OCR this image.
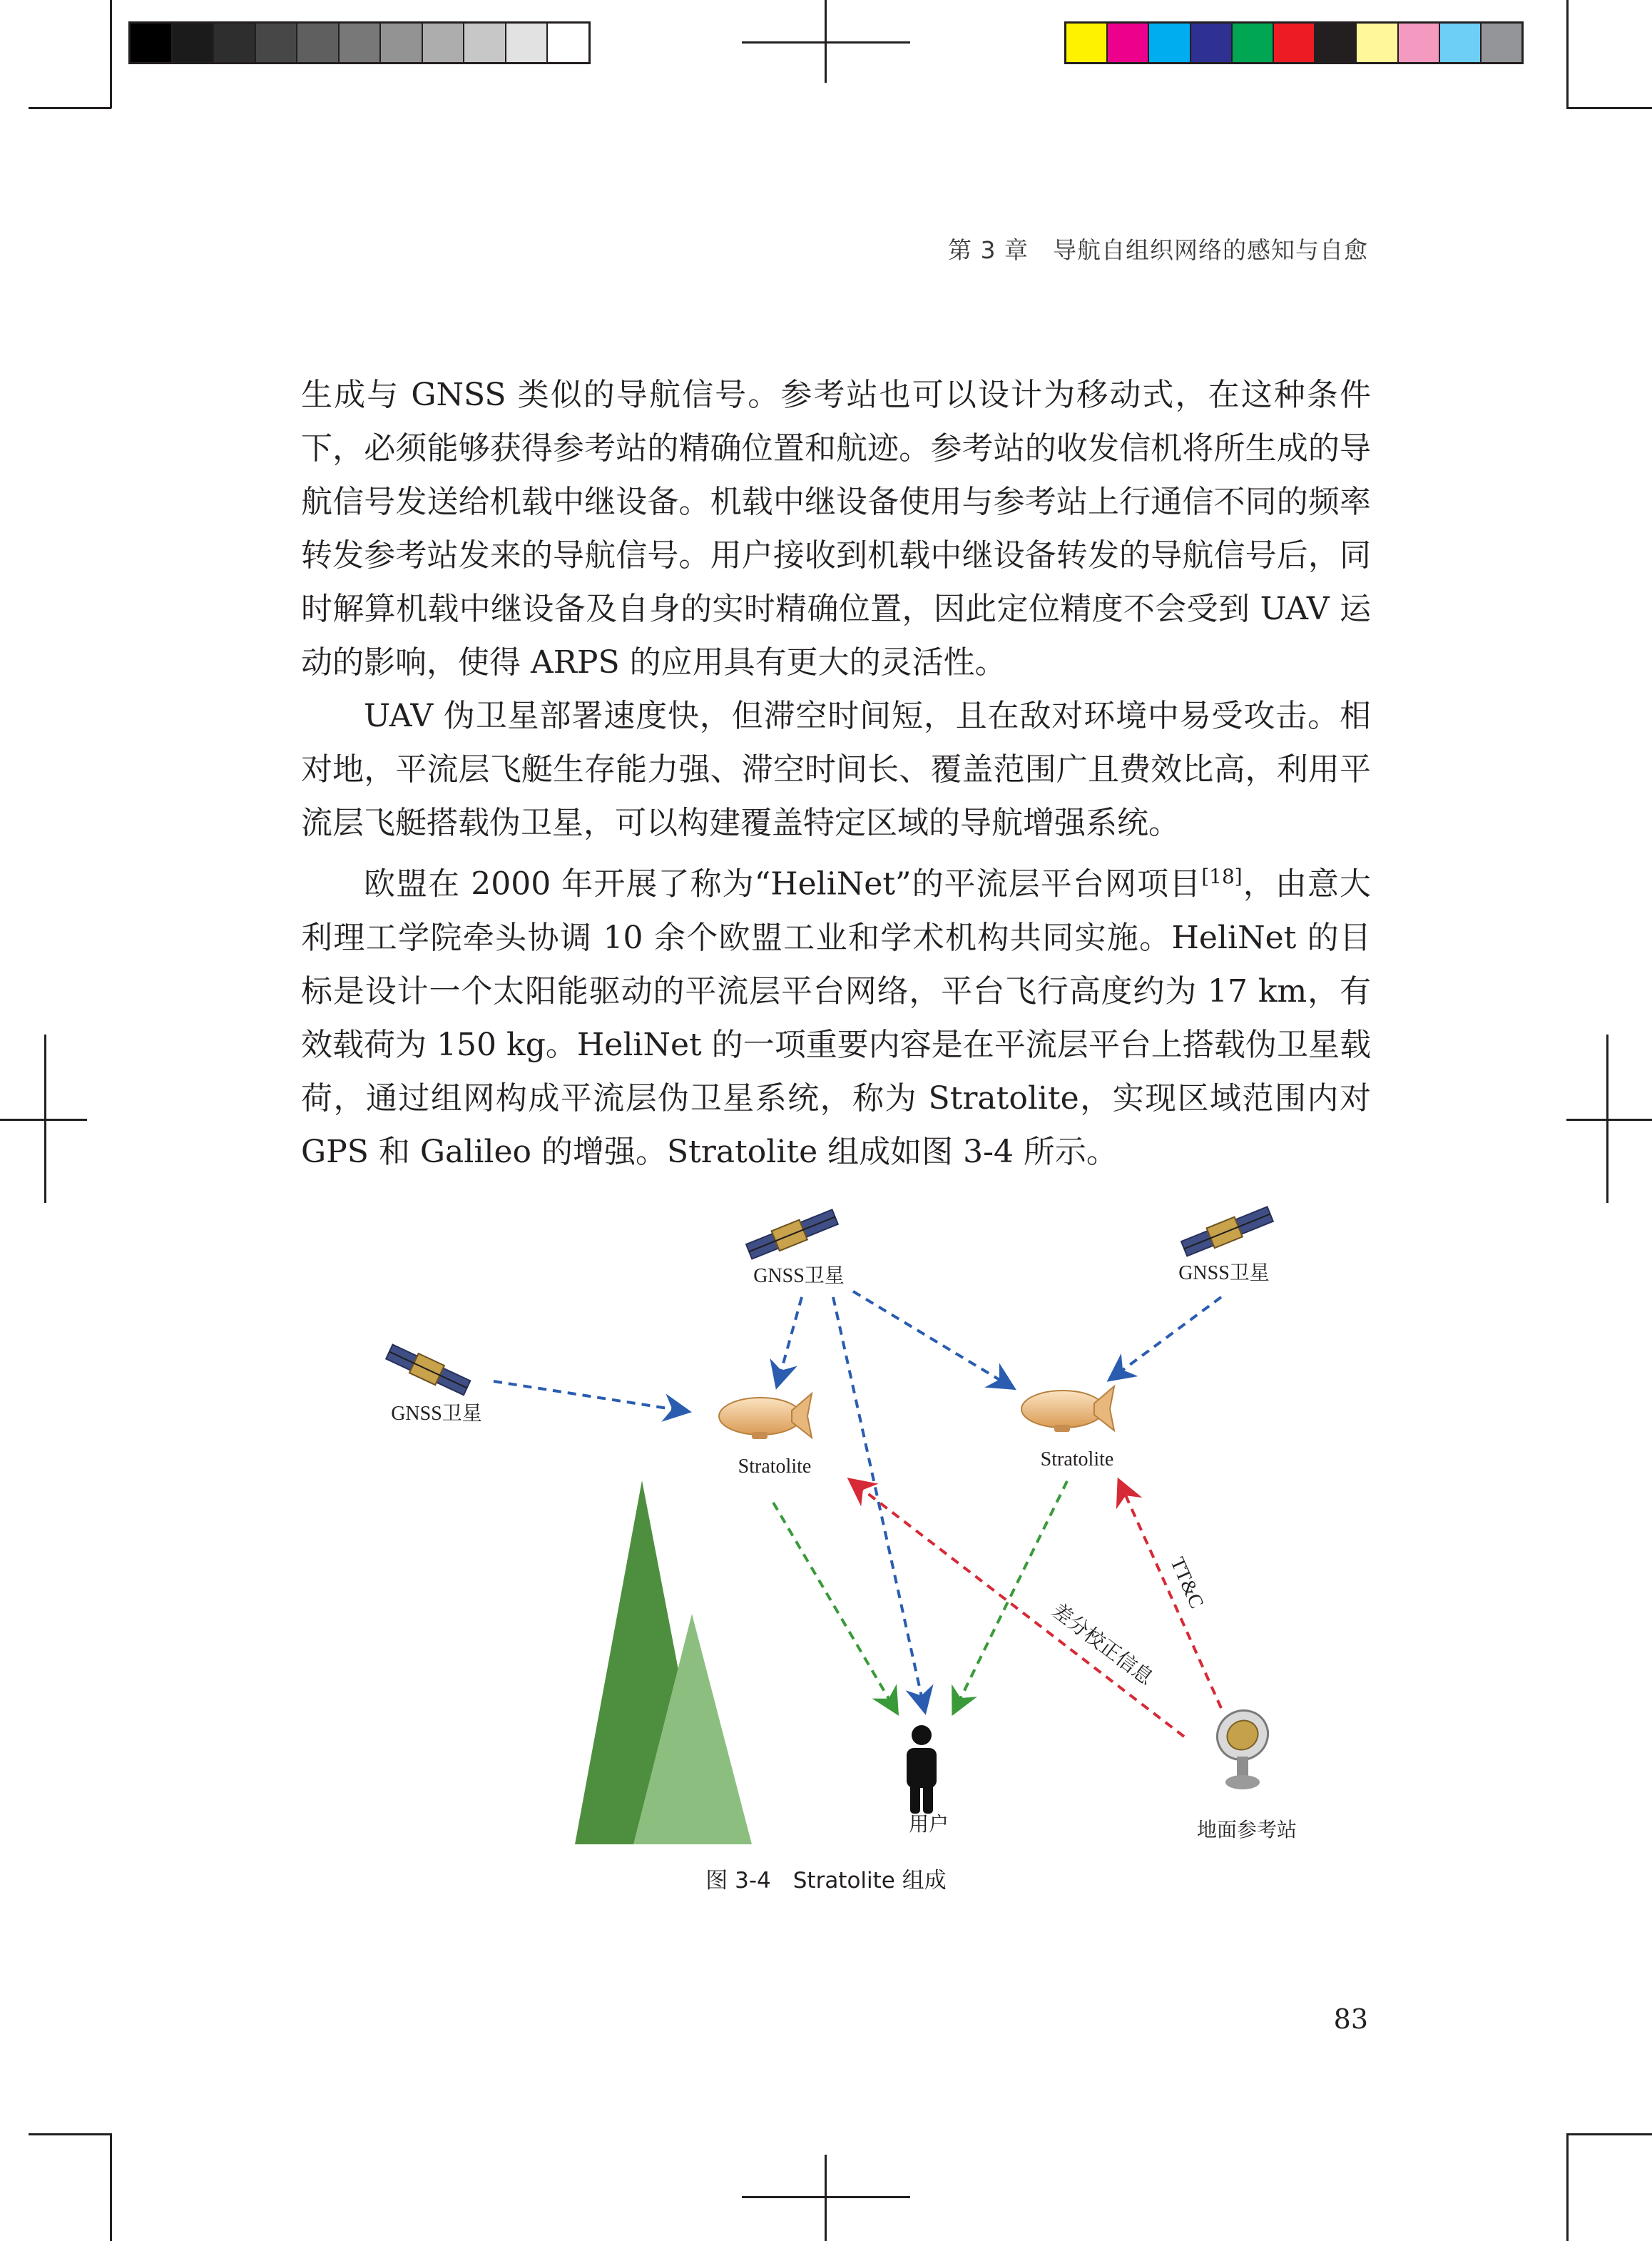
第 3 章　导航自组织网络的感知与自愈

生成与 GNSS 类似的导航信号。参考站也可以设计为移动式，在这种条件下，必须能够获得参考站的精确位置和航迹。参考站的收发信机将所生成的导航信号发送给机载中继设备。机载中继设备使用与参考站上行通信不同的频率转发参考站发来的导航信号。用户接收到机载中继设备转发的导航信号后，同时解算机载中继设备及自身的实时精确位置，因此定位精度不会受到 UAV 运动的影响，使得 ARPS 的应用具有更大的灵活性。

UAV 伪卫星部署速度快，但滞空时间短，且在敌对环境中易受攻击。相对地，平流层飞艇生存能力强、滞空时间长、覆盖范围广且费效比高，利用平流层飞艇搭载伪卫星，可以构建覆盖特定区域的导航增强系统。

欧盟在 2000 年开展了称为“HeliNet”的平流层平台网项目[18]，由意大利理工学院牵头协调 10 余个欧盟工业和学术机构共同实施。HeliNet 的目标是设计一个太阳能驱动的平流层平台网络，平台飞行高度约为 17 km，有效载荷为 150 kg。HeliNet 的一项重要内容是在平流层平台上搭载伪卫星载荷，通过组网构成平流层伪卫星系统，称为 Stratolite，实现区域范围内对 GPS 和 Galileo 的增强。Stratolite 组成如图 3-4 所示。

GNSS卫星	GNSS卫星
GNSS卫星
Stratolite	Stratolite
用户	地面参考站
差分校正信息
TT&C
图 3-4　Stratolite 组成
83
